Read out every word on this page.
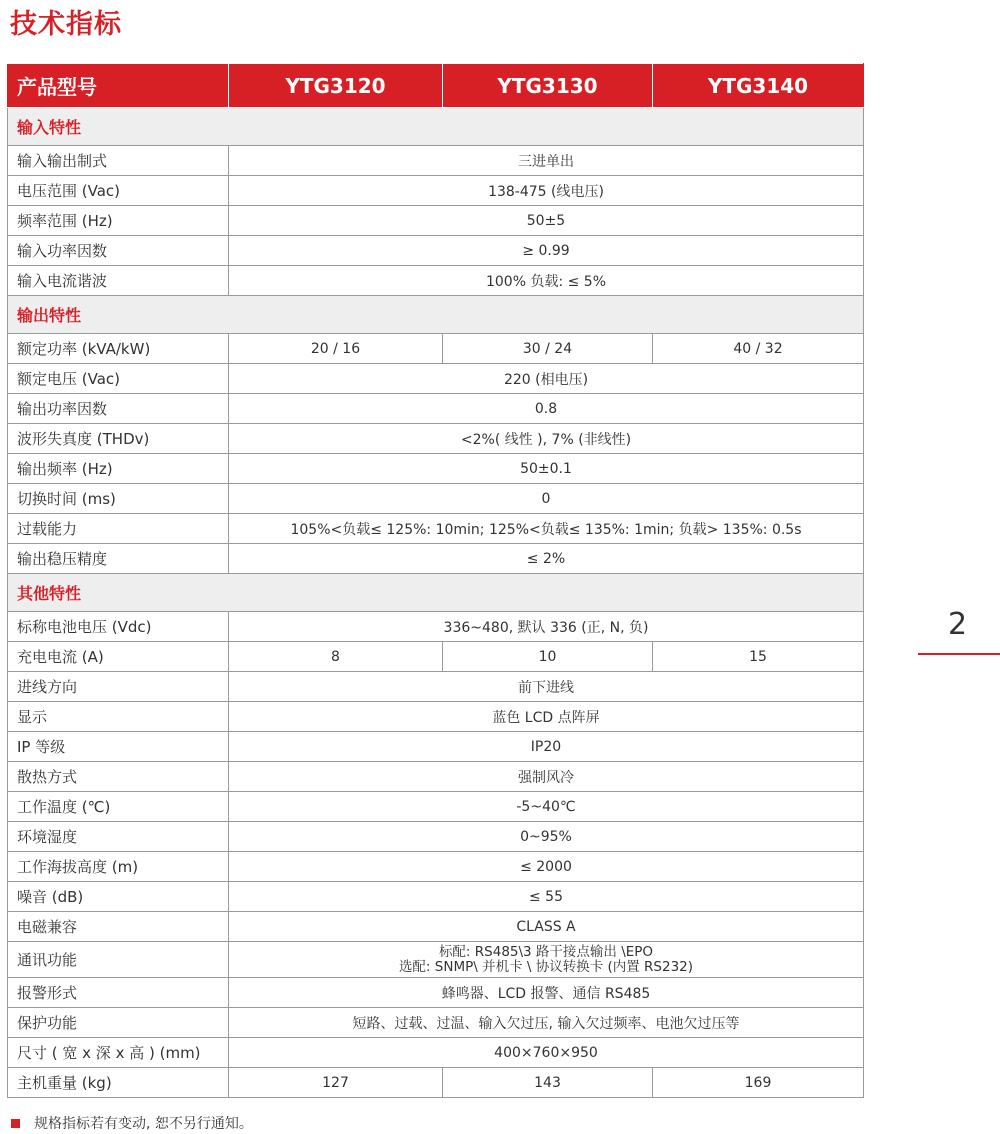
技术指标
产品型号	YTG3120	YTG3130	YTG3140
输入特性			
输入输出制式	三进单出		
电压范围 (Vac)	138-475 (线电压)		
频率范围 (Hz)	50±5		
输入功率因数	≥ 0.99		
输入电流谐波	100% 负载: ≤ 5%		
输出特性			
额定功率 (kVA/kW)	20 / 16	30 / 24	40 / 32
额定电压 (Vac)	220 (相电压)		
输出功率因数	0.8		
波形失真度 (THDv)	<2%( 线性 ), 7% (非线性)		
输出频率 (Hz)	50±0.1		
切换时间 (ms)	0		
过载能力	105%<负载≤ 125%: 10min; 125%<负载≤ 135%: 1min; 负载> 135%: 0.5s		
输出稳压精度	≤ 2%		
其他特性			
标称电池电压 (Vdc)	336~480, 默认 336 (正, N, 负)		
充电电流 (A)	8	10	15
进线方向	前下进线		
显示	蓝色 LCD 点阵屏		
IP 等级	IP20		
散热方式	强制风冷		
工作温度 (℃)	-5~40℃		
环境湿度	0~95%		
工作海拔高度 (m)	≤ 2000		
噪音 (dB)	≤ 55		
电磁兼容	CLASS A		
通讯功能	标配: RS485\3 路干接点输出 \EPO
选配: SNMP\ 并机卡 \ 协议转换卡 (内置 RS232)		

报警形式	蜂鸣器、LCD 报警、通信 RS485		
保护功能	短路、过载、过温、输入欠过压, 输入欠过频率、电池欠过压等		
尺寸 ( 宽 x 深 x 高 ) (mm)	400×760×950		
主机重量 (kg)	127	143	169
规格指标若有变动, 恕不另行通知。
2
